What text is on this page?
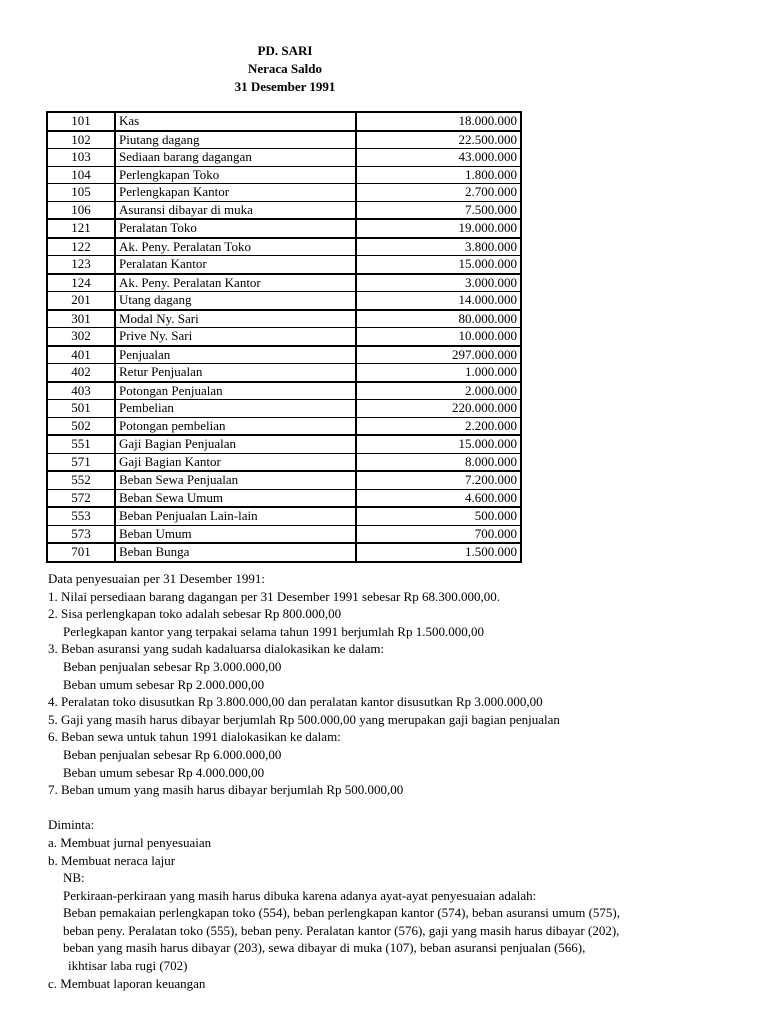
PD. SARI
Neraca Saldo
31 Desember 1991
101	Kas	18.000.000
102	Piutang dagang	22.500.000
103	Sediaan barang dagangan	43.000.000
104	Perlengkapan Toko	1.800.000
105	Perlengkapan Kantor	2.700.000
106	Asuransi dibayar di muka	7.500.000
121	Peralatan Toko	19.000.000
122	Ak. Peny. Peralatan Toko	3.800.000
123	Peralatan Kantor	15.000.000
124	Ak. Peny. Peralatan Kantor	3.000.000
201	Utang dagang	14.000.000
301	Modal Ny. Sari	80.000.000
302	Prive Ny. Sari	10.000.000
401	Penjualan	297.000.000
402	Retur Penjualan	1.000.000
403	Potongan Penjualan	2.000.000
501	Pembelian	220.000.000
502	Potongan pembelian	2.200.000
551	Gaji Bagian Penjualan	15.000.000
571	Gaji Bagian Kantor	8.000.000
552	Beban Sewa Penjualan	7.200.000
572	Beban Sewa Umum	4.600.000
553	Beban Penjualan Lain-lain	500.000
573	Beban Umum	700.000
701	Beban Bunga	1.500.000
Data penyesuaian per 31 Desember 1991:
1. Nilai persediaan barang dagangan per 31 Desember 1991 sebesar Rp 68.300.000,00.
2. Sisa perlengkapan toko adalah sebesar Rp 800.000,00
Perlegkapan kantor yang terpakai selama tahun 1991 berjumlah Rp 1.500.000,00
3. Beban asuransi yang sudah kadaluarsa dialokasikan ke dalam:
Beban penjualan sebesar Rp 3.000.000,00
Beban umum sebesar Rp 2.000.000,00
4. Peralatan toko disusutkan Rp 3.800.000,00 dan peralatan kantor disusutkan Rp 3.000.000,00
5. Gaji yang masih harus dibayar berjumlah Rp 500.000,00 yang merupakan gaji bagian penjualan
6. Beban sewa untuk tahun 1991 dialokasikan ke dalam:
Beban penjualan sebesar Rp 6.000.000,00
Beban umum sebesar Rp 4.000.000,00
7. Beban umum yang masih harus dibayar berjumlah Rp 500.000,00
Diminta:
a. Membuat jurnal penyesuaian
b. Membuat neraca lajur
NB:
Perkiraan-perkiraan yang masih harus dibuka karena adanya ayat-ayat penyesuaian adalah:
Beban pemakaian perlengkapan toko (554), beban perlengkapan kantor (574), beban asuransi umum (575),
beban peny. Peralatan toko (555), beban peny. Peralatan kantor (576), gaji yang masih harus dibayar (202),
beban yang masih harus dibayar (203), sewa dibayar di muka (107), beban asuransi penjualan (566),
ikhtisar laba rugi (702)
c. Membuat laporan keuangan
